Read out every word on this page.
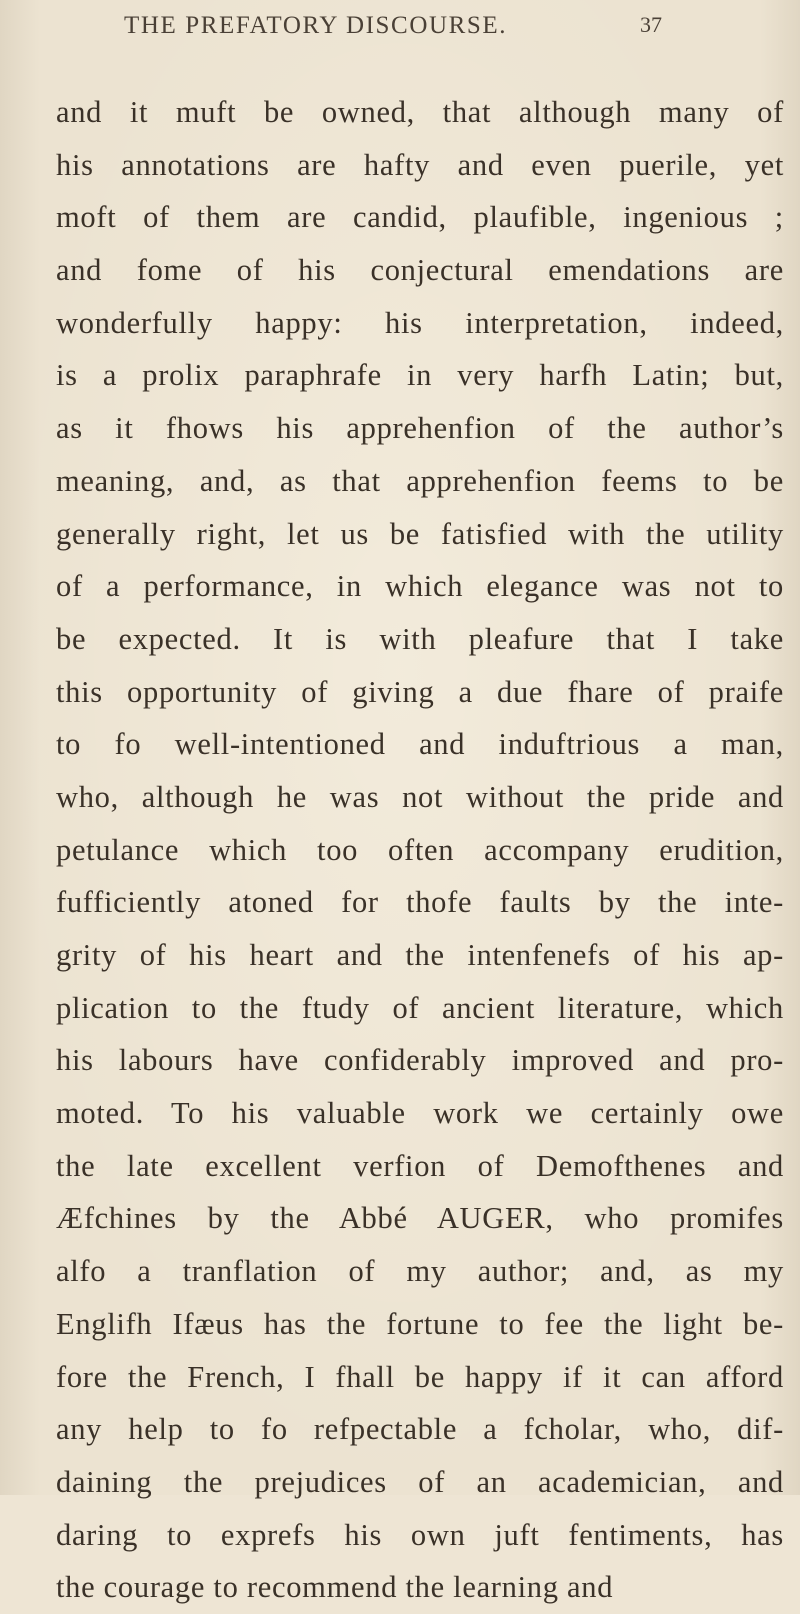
THE PREFATORY DISCOURSE.	37
and it muft be owned, that although many of
his annotations are hafty and even puerile, yet
moft of them are candid, plaufible, ingenious ;
and fome of his conjectural emendations are
wonderfully happy: his interpretation, indeed,
is a prolix paraphrafe in very harfh Latin; but,
as it fhows his apprehenfion of the author’s
meaning, and, as that apprehenfion feems to be
generally right, let us be fatisfied with the utility
of a performance, in which elegance was not to
be expected. It is with pleafure that I take
this opportunity of giving a due fhare of praife
to fo well-intentioned and induftrious a man,
who, although he was not without the pride and
petulance which too often accompany erudition,
fufficiently atoned for thofe faults by the inte-
grity of his heart and the intenfenefs of his ap-
plication to the ftudy of ancient literature, which
his labours have confiderably improved and pro-
moted. To his valuable work we certainly owe
the late excellent verfion of Demofthenes and
Æfchines by the Abbé AUGER, who promifes
alfo a tranflation of my author; and, as my
Englifh Ifæus has the fortune to fee the light be-
fore the French, I fhall be happy if it can afford
any help to fo refpectable a fcholar, who, dif-
daining the prejudices of an academician, and
daring to exprefs his own juft fentiments, has
the courage to recommend the learning and
